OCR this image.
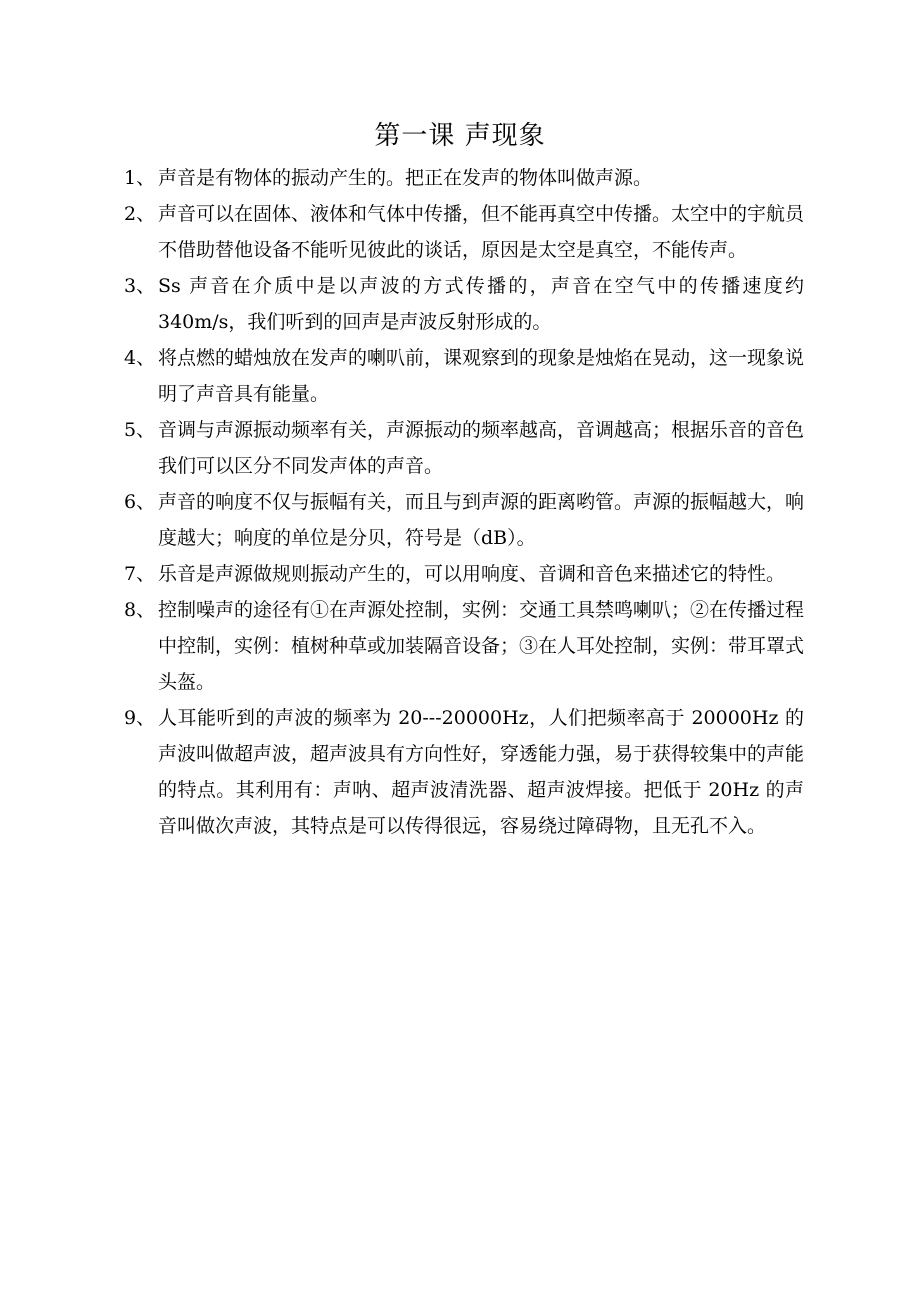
第一课 声现象
1、 声音是有物体的振动产生的。把正在发声的物体叫做声源。
2、 声音可以在固体、液体和气体中传播，但不能再真空中传播。太空中的宇航员不借助替他设备不能听见彼此的谈话，原因是太空是真空，不能传声。
3、 Ss 声音在介质中是以声波的方式传播的，声音在空气中的传播速度约 340m/s，我们听到的回声是声波反射形成的。
4、 将点燃的蜡烛放在发声的喇叭前，课观察到的现象是烛焰在晃动，这一现象说明了声音具有能量。
5、 音调与声源振动频率有关，声源振动的频率越高，音调越高；根据乐音的音色我们可以区分不同发声体的声音。
6、 声音的响度不仅与振幅有关，而且与到声源的距离哟管。声源的振幅越大，响度越大；响度的单位是分贝，符号是（dB）。
7、 乐音是声源做规则振动产生的，可以用响度、音调和音色来描述它的特性。
8、 控制噪声的途径有①在声源处控制，实例：交通工具禁鸣喇叭；②在传播过程中控制，实例：植树种草或加装隔音设备；③在人耳处控制，实例：带耳罩式头盔。
9、 人耳能听到的声波的频率为 20---20000Hz，人们把频率高于 20000Hz 的声波叫做超声波，超声波具有方向性好，穿透能力强，易于获得较集中的声能的特点。其利用有：声呐、超声波清洗器、超声波焊接。把低于 20Hz 的声音叫做次声波，其特点是可以传得很远，容易绕过障碍物，且无孔不入。
